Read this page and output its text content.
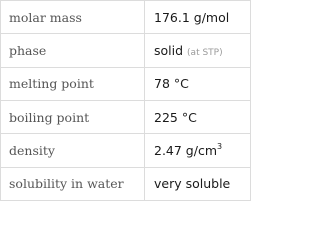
molar mass	176.1 g/mol
phase	solid (at STP)
melting point	78 °C
boiling point	225 °C
density	2.47 $g/cm^3$
solubility in water	very soluble
